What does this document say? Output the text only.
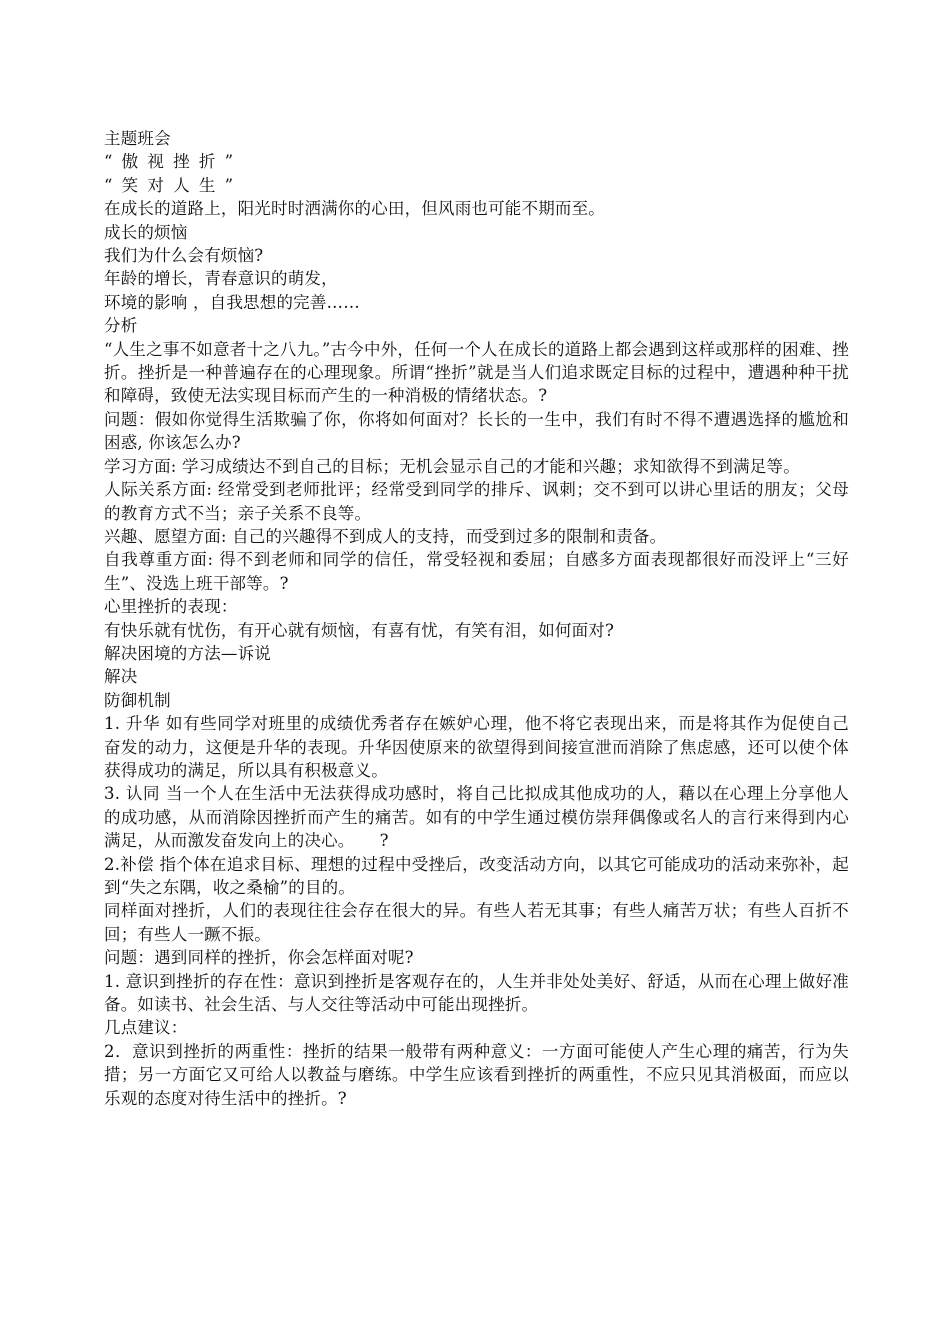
主题班会

“ 傲 视 挫 折 ”

“ 笑 对 人 生 ”

在成长的道路上，阳光时时洒满你的心田，但风雨也可能不期而至。

成长的烦恼

我们为什么会有烦恼?

年龄的增长，青春意识的萌发，

环境的影响 ，自我思想的完善……

分析

“人生之事不如意者十之八九。”古今中外，任何一个人在成长的道路上都会遇到这样或那样的困难、挫折。挫折是一种普遍存在的心理现象。所谓“挫折”就是当人们追求既定目标的过程中，遭遇种种干扰和障碍，致使无法实现目标而产生的一种消极的情绪状态。?

问题：假如你觉得生活欺骗了你，你将如何面对？长长的一生中，我们有时不得不遭遇选择的尴尬和困惑, 你该怎么办?

学习方面: 学习成绩达不到自己的目标；无机会显示自己的才能和兴趣；求知欲得不到满足等。

人际关系方面: 经常受到老师批评；经常受到同学的排斥、讽刺；交不到可以讲心里话的朋友；父母的教育方式不当；亲子关系不良等。

兴趣、愿望方面: 自己的兴趣得不到成人的支持，而受到过多的限制和责备。

自我尊重方面: 得不到老师和同学的信任，常受轻视和委屈；自感多方面表现都很好而没评上“三好生”、没选上班干部等。?

心里挫折的表现：

有快乐就有忧伤，有开心就有烦恼，有喜有忧，有笑有泪，如何面对?

解决困境的方法—诉说

解决

防御机制

1. 升华 如有些同学对班里的成绩优秀者存在嫉妒心理，他不将它表现出来，而是将其作为促使自己奋发的动力，这便是升华的表现。升华因使原来的欲望得到间接宣泄而消除了焦虑感，还可以使个体获得成功的满足，所以具有积极意义。

3. 认同 当一个人在生活中无法获得成功感时，将自己比拟成其他成功的人，藉以在心理上分享他人的成功感，从而消除因挫折而产生的痛苦。如有的中学生通过模仿崇拜偶像或名人的言行来得到内心满足，从而激发奋发向上的决心。　　?

2.补偿 指个体在追求目标、理想的过程中受挫后，改变活动方向，以其它可能成功的活动来弥补，起到“失之东隅，收之桑榆”的目的。

同样面对挫折，人们的表现往往会存在很大的异。有些人若无其事；有些人痛苦万状；有些人百折不回；有些人一蹶不振。

问题：遇到同样的挫折，你会怎样面对呢?

1. 意识到挫折的存在性：意识到挫折是客观存在的，人生并非处处美好、舒适，从而在心理上做好准备。如读书、社会生活、与人交往等活动中可能出现挫折。

几点建议：

2．意识到挫折的两重性：挫折的结果一般带有两种意义：一方面可能使人产生心理的痛苦，行为失措；另一方面它又可给人以教益与磨练。中学生应该看到挫折的两重性，不应只见其消极面，而应以乐观的态度对待生活中的挫折。?
